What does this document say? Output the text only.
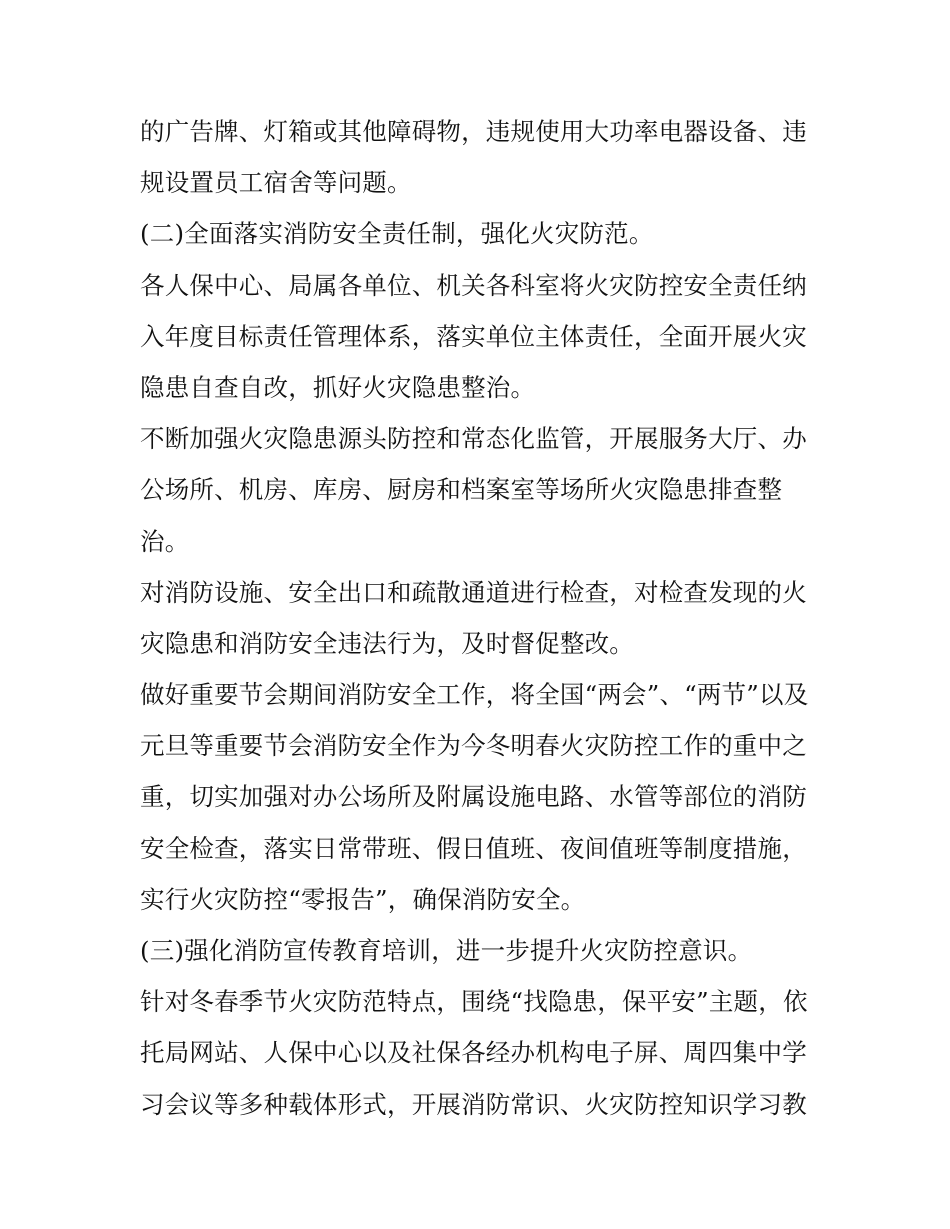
的广告牌、灯箱或其他障碍物，违规使用大功率电器设备、违
规设置员工宿舍等问题。
(二)全面落实消防安全责任制，强化火灾防范。
各人保中心、局属各单位、机关各科室将火灾防控安全责任纳
入年度目标责任管理体系，落实单位主体责任，全面开展火灾
隐患自查自改，抓好火灾隐患整治。
不断加强火灾隐患源头防控和常态化监管，开展服务大厅、办
公场所、机房、库房、厨房和档案室等场所火灾隐患排查整
治。
对消防设施、安全出口和疏散通道进行检查，对检查发现的火
灾隐患和消防安全违法行为，及时督促整改。
做好重要节会期间消防安全工作，将全国“两会”、“两节”以及
元旦等重要节会消防安全作为今冬明春火灾防控工作的重中之
重，切实加强对办公场所及附属设施电路、水管等部位的消防
安全检查，落实日常带班、假日值班、夜间值班等制度措施，
实行火灾防控“零报告”，确保消防安全。
(三)强化消防宣传教育培训，进一步提升火灾防控意识。
针对冬春季节火灾防范特点，围绕“找隐患，保平安”主题，依
托局网站、人保中心以及社保各经办机构电子屏、周四集中学
习会议等多种载体形式，开展消防常识、火灾防控知识学习教
